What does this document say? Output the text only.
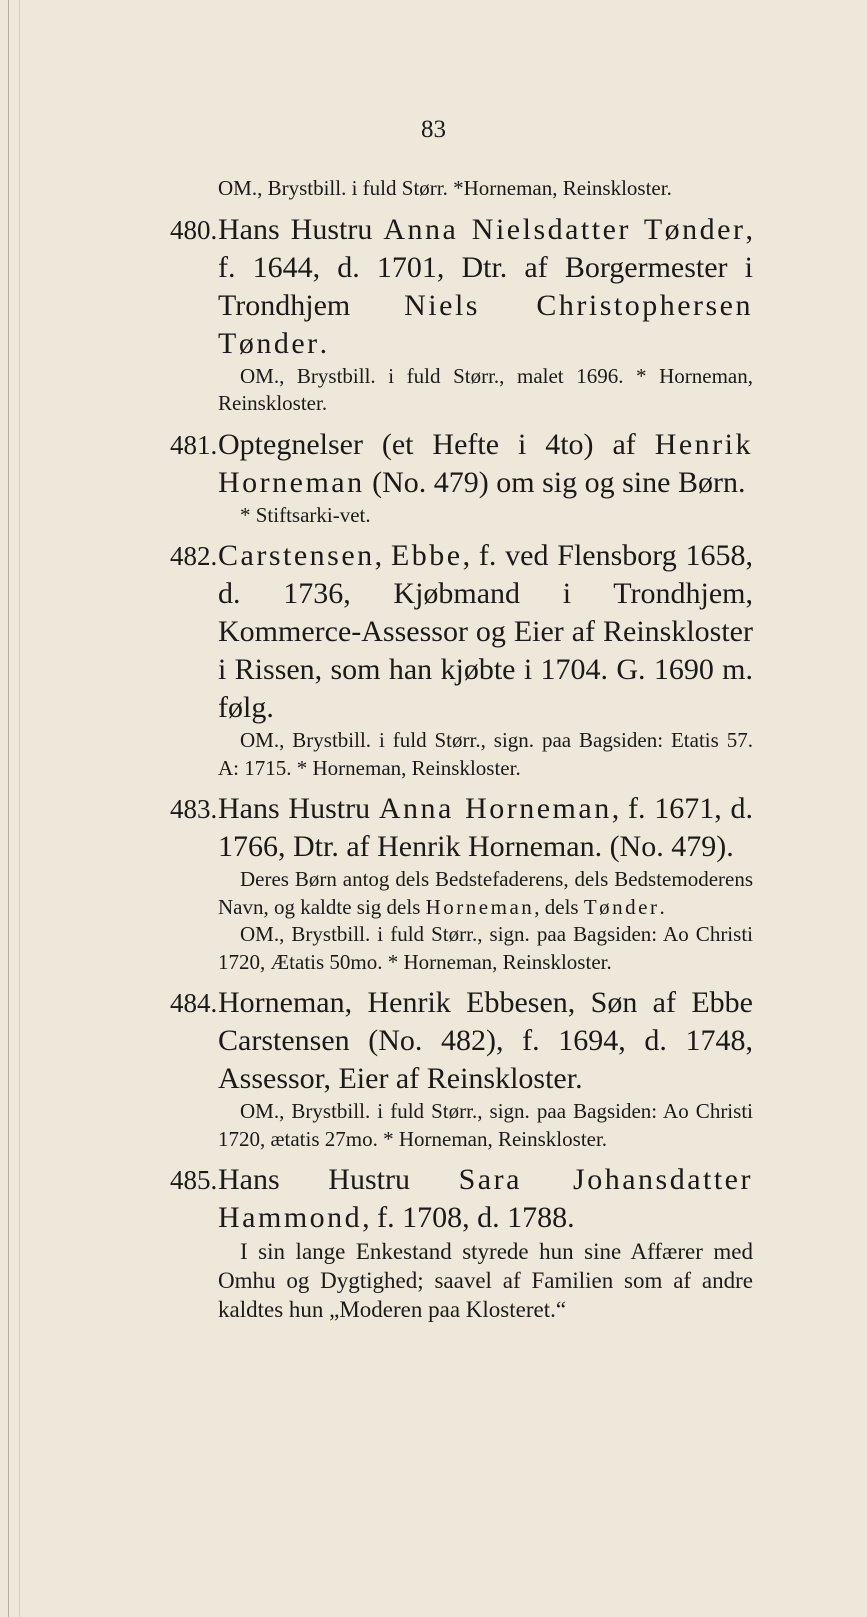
83
OM., Brystbill. i fuld Størr. *Horneman, Reinskloster.
480. Hans Hustru Anna Nielsdatter Tønder, f. 1644, d. 1701, Dtr. af Borgermester i Trondhjem Niels Christophersen Tønder.
OM., Brystbill. i fuld Størr., malet 1696. * Horneman, Reinskloster.
481. Optegnelser (et Hefte i 4to) af Henrik Horneman (No. 479) om sig og sine Børn.
* Stiftsarki-vet.
482. Carstensen, Ebbe, f. ved Flensborg 1658, d. 1736, Kjøbmand i Trondhjem, Kommerce-Assessor og Eier af Reinskloster i Rissen, som han kjøbte i 1704. G. 1690 m. følg.
OM., Brystbill. i fuld Størr., sign. paa Bagsiden: Etatis 57. A: 1715. * Horneman, Reinskloster.
483. Hans Hustru Anna Horneman, f. 1671, d. 1766, Dtr. af Henrik Horneman. (No. 479).
Deres Børn antog dels Bedstefaderens, dels Bedstemoderens Navn, og kaldte sig dels Horneman, dels Tønder.
OM., Brystbill. i fuld Størr., sign. paa Bagsiden: Ao Christi 1720, Ætatis 50mo. * Horneman, Reinskloster.
484. Horneman, Henrik Ebbesen, Søn af Ebbe Carstensen (No. 482), f. 1694, d. 1748, Assessor, Eier af Reinskloster.
OM., Brystbill. i fuld Størr., sign. paa Bagsiden: Ao Christi 1720, ætatis 27mo. * Horneman, Reinskloster.
485. Hans Hustru Sara Johansdatter Hammond, f. 1708, d. 1788.
I sin lange Enkestand styrede hun sine Affærer med Omhu og Dygtighed; saavel af Familien som af andre kaldtes hun „Moderen paa Klosteret.“
